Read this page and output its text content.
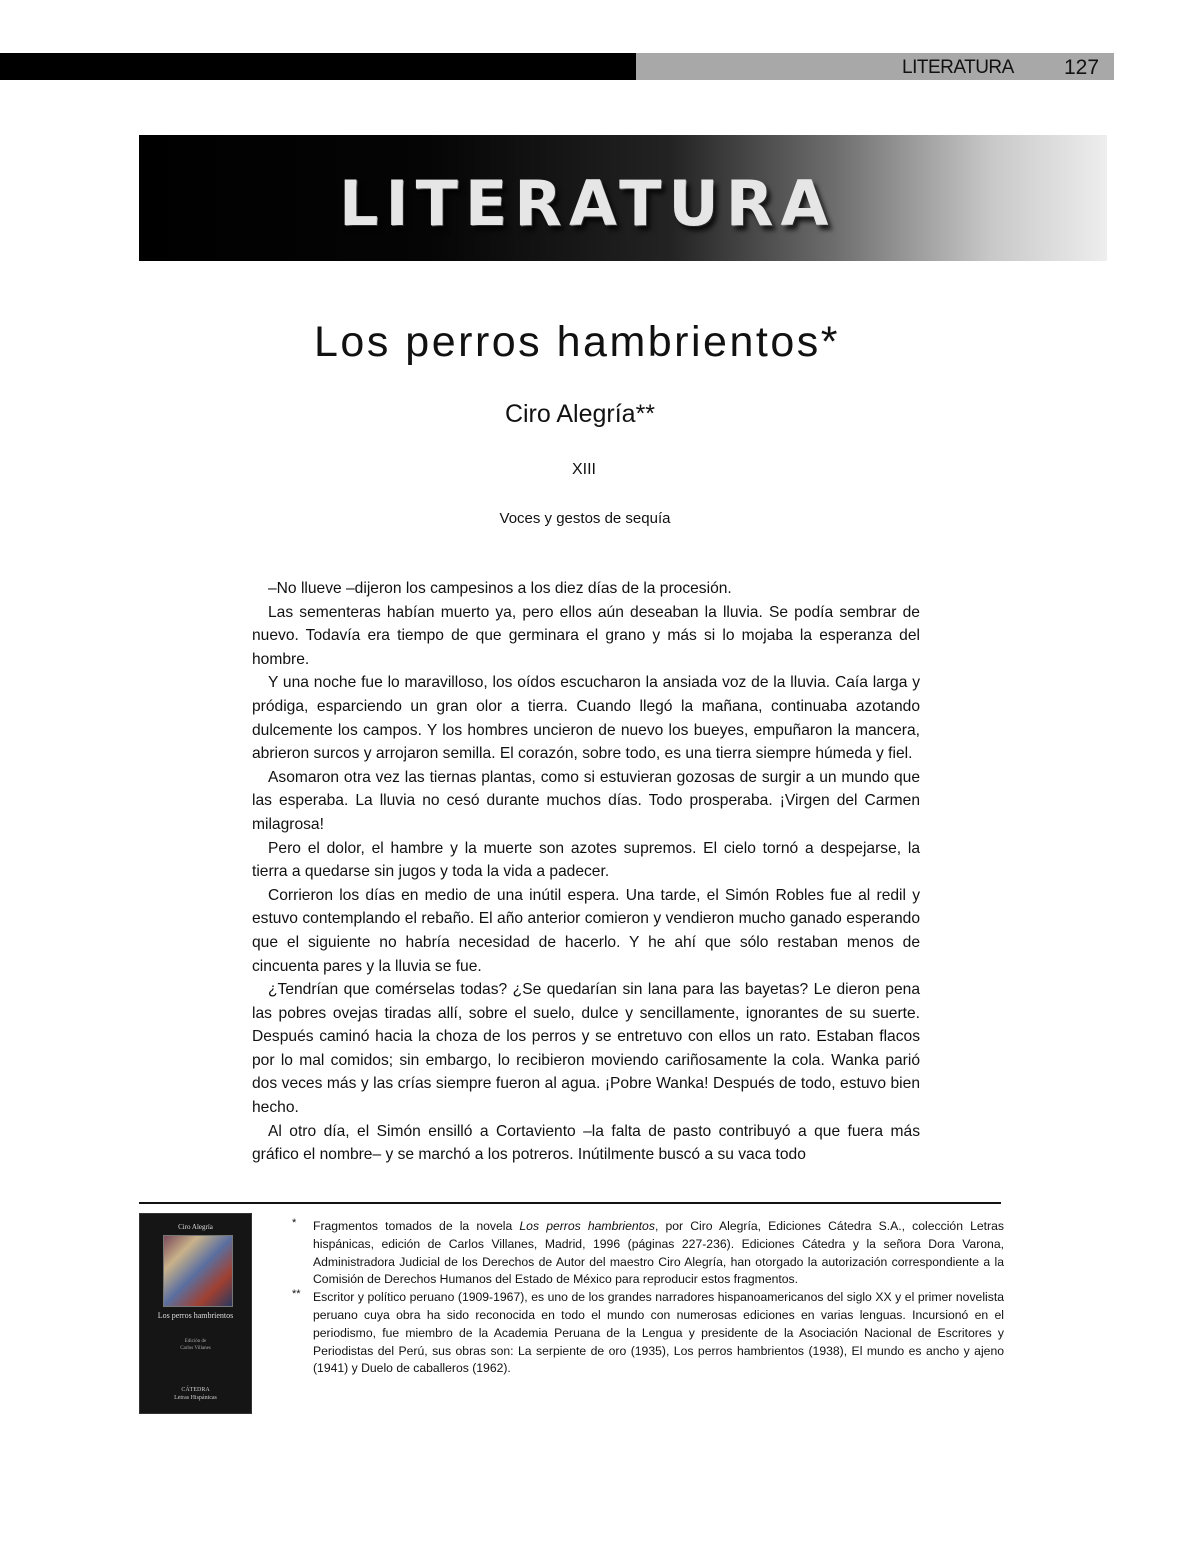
LITERATURA 127
LITERATURA
Los perros hambrientos*
Ciro Alegría**
XIII
Voces y gestos de sequía

–No llueve –dijeron los campesinos a los diez días de la procesión.

Las sementeras habían muerto ya, pero ellos aún deseaban la lluvia. Se podía sembrar de nuevo. Todavía era tiempo de que germinara el grano y más si lo mojaba la esperanza del hombre.

Y una noche fue lo maravilloso, los oídos escucharon la ansiada voz de la lluvia. Caía larga y pródiga, esparciendo un gran olor a tierra. Cuando llegó la mañana, continuaba azotando dulcemente los campos. Y los hombres uncieron de nuevo los bueyes, empuñaron la mancera, abrieron surcos y arrojaron semilla. El corazón, sobre todo, es una tierra siempre húmeda y fiel.

Asomaron otra vez las tiernas plantas, como si estuvieran gozosas de surgir a un mundo que las esperaba. La lluvia no cesó durante muchos días. Todo prosperaba. ¡Virgen del Carmen milagrosa!

Pero el dolor, el hambre y la muerte son azotes supremos. El cielo tornó a despejarse, la tierra a quedarse sin jugos y toda la vida a padecer.

Corrieron los días en medio de una inútil espera. Una tarde, el Simón Robles fue al redil y estuvo contemplando el rebaño. El año anterior comieron y vendieron mucho ganado esperando que el siguiente no habría necesidad de hacerlo. Y he ahí que sólo restaban menos de cincuenta pares y la lluvia se fue.

¿Tendrían que comérselas todas? ¿Se quedarían sin lana para las bayetas? Le dieron pena las pobres ovejas tiradas allí, sobre el suelo, dulce y sencillamente, ignorantes de su suerte. Después caminó hacia la choza de los perros y se entretuvo con ellos un rato. Estaban flacos por lo mal comidos; sin embargo, lo recibieron moviendo cariñosamente la cola. Wanka parió dos veces más y las crías siempre fueron al agua. ¡Pobre Wanka! Después de todo, estuvo bien hecho.

Al otro día, el Simón ensilló a Cortaviento –la falta de pasto contribuyó a que fuera más gráfico el nombre– y se marchó a los potreros. Inútilmente buscó a su vaca todo

Ciro Alegría
Los perros hambrientos
Edición de
Carlos Villanes
CÁTEDRA
Letras Hispánicas
* Fragmentos tomados de la novela Los perros hambrientos, por Ciro Alegría, Ediciones Cátedra S.A., colección Letras hispánicas, edición de Carlos Villanes, Madrid, 1996 (páginas 227-236). Ediciones Cátedra y la señora Dora Varona, Administradora Judicial de los Derechos de Autor del maestro Ciro Alegría, han otorgado la autorización correspondiente a la Comisión de Derechos Humanos del Estado de México para reproducir estos fragmentos.
** Escritor y político peruano (1909-1967), es uno de los grandes narradores hispanoamericanos del siglo XX y el primer novelista peruano cuya obra ha sido reconocida en todo el mundo con numerosas ediciones en varias lenguas. Incursionó en el periodismo, fue miembro de la Academia Peruana de la Lengua y presidente de la Asociación Nacional de Escritores y Periodistas del Perú, sus obras son: La serpiente de oro (1935), Los perros hambrientos (1938), El mundo es ancho y ajeno (1941) y Duelo de caballeros (1962).
